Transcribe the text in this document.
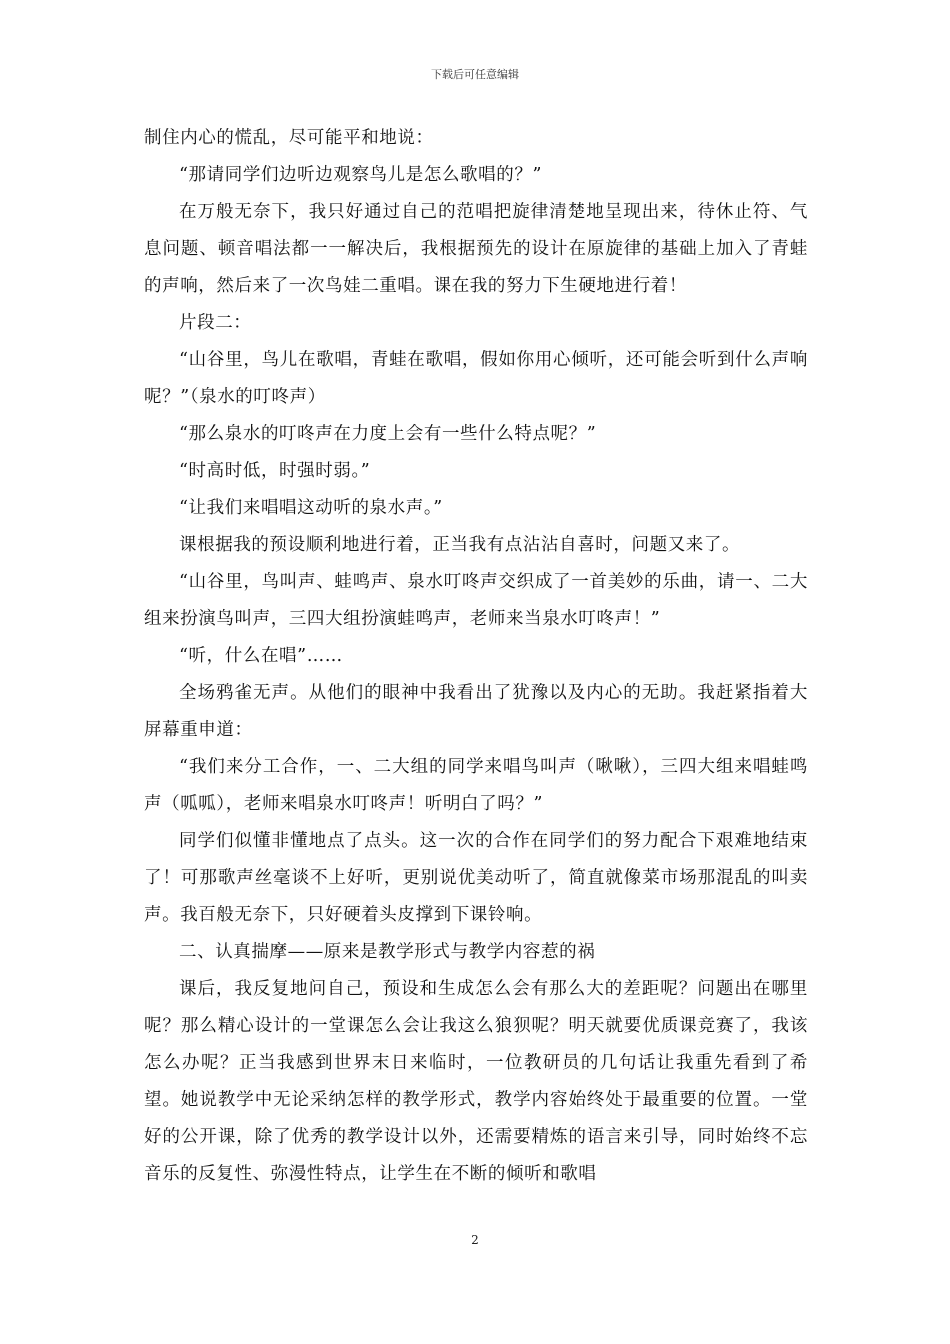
下载后可任意编辑

制住内心的慌乱，尽可能平和地说：

“那请同学们边听边观察鸟儿是怎么歌唱的？”

在万般无奈下，我只好通过自己的范唱把旋律清楚地呈现出来，待休止符、气息问题、顿音唱法都一一解决后，我根据预先的设计在原旋律的基础上加入了青蛙的声响，然后来了一次鸟娃二重唱。课在我的努力下生硬地进行着！

片段二：

“山谷里，鸟儿在歌唱，青蛙在歌唱，假如你用心倾听，还可能会听到什么声响呢？”（泉水的叮咚声）

“那么泉水的叮咚声在力度上会有一些什么特点呢？”

“时高时低，时强时弱。”

“让我们来唱唱这动听的泉水声。”

课根据我的预设顺利地进行着，正当我有点沾沾自喜时，问题又来了。

“山谷里，鸟叫声、蛙鸣声、泉水叮咚声交织成了一首美妙的乐曲，请一、二大组来扮演鸟叫声，三四大组扮演蛙鸣声，老师来当泉水叮咚声！”

“听，什么在唱”……

全场鸦雀无声。从他们的眼神中我看出了犹豫以及内心的无助。我赶紧指着大屏幕重申道：

“我们来分工合作，一、二大组的同学来唱鸟叫声（啾啾），三四大组来唱蛙鸣声（呱呱），老师来唱泉水叮咚声！听明白了吗？”

同学们似懂非懂地点了点头。这一次的合作在同学们的努力配合下艰难地结束了！可那歌声丝毫谈不上好听，更别说优美动听了，简直就像菜市场那混乱的叫卖声。我百般无奈下，只好硬着头皮撑到下课铃响。

二、认真揣摩——原来是教学形式与教学内容惹的祸

课后，我反复地问自己，预设和生成怎么会有那么大的差距呢？问题出在哪里呢？那么精心设计的一堂课怎么会让我这么狼狈呢？明天就要优质课竞赛了，我该怎么办呢？正当我感到世界末日来临时，一位教研员的几句话让我重先看到了希望。她说教学中无论采纳怎样的教学形式，教学内容始终处于最重要的位置。一堂好的公开课，除了优秀的教学设计以外，还需要精炼的语言来引导，同时始终不忘音乐的反复性、弥漫性特点，让学生在不断的倾听和歌唱

2
